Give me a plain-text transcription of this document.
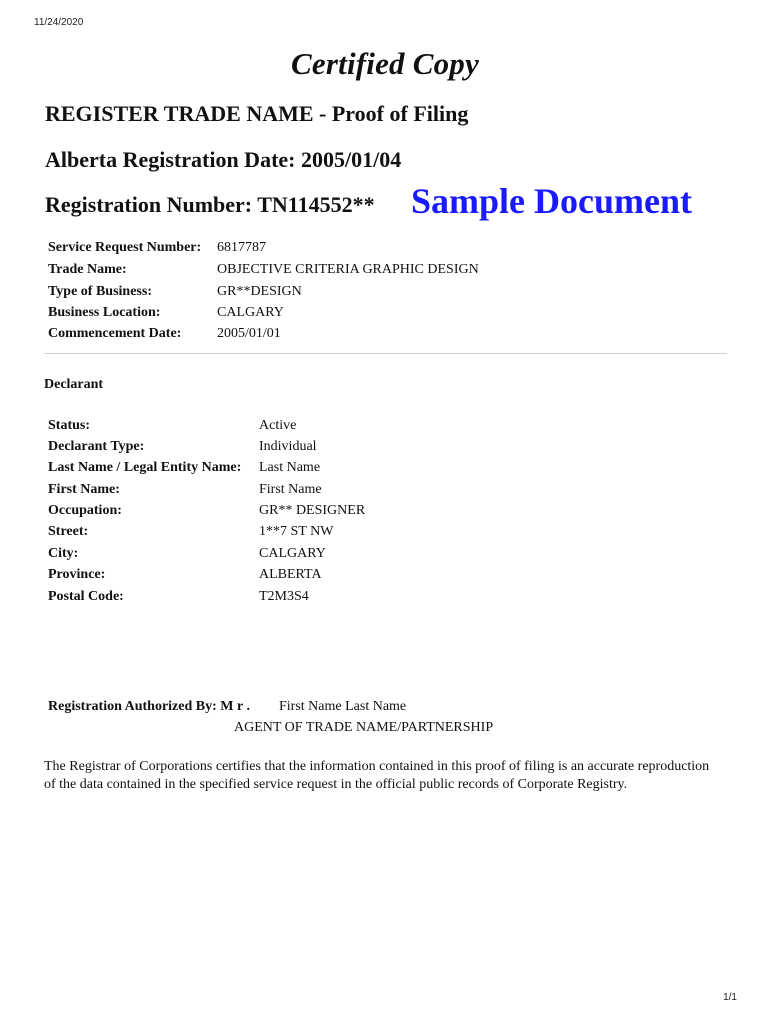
11/24/2020
Certified Copy
REGISTER TRADE NAME - Proof of Filing
Alberta Registration Date: 2005/01/04
Registration Number: TN114552** Sample Document
Service Request Number: 6817787
Trade Name:	OBJECTIVE CRITERIA GRAPHIC DESIGN
Type of Business:	GR**DESIGN
Business Location:	CALGARY
Commencement Date:	2005/01/01
Declarant
Status:	Active
Declarant Type:	Individual
Last Name / Legal Entity Name: Last Name
First Name:	First Name
Occupation:	GR** DESIGNER
Street:	1**7 ST NW
City:	CALGARY
Province:	ALBERTA
Postal Code:	T2M3S4
Registration Authorized By: M r . First Name Last Name
AGENT OF TRADE NAME/PARTNERSHIP
The Registrar of Corporations certifies that the information contained in this proof of filing is an accurate reproduction of the data contained in the specified service request in the official public records of Corporate Registry.
1/1
